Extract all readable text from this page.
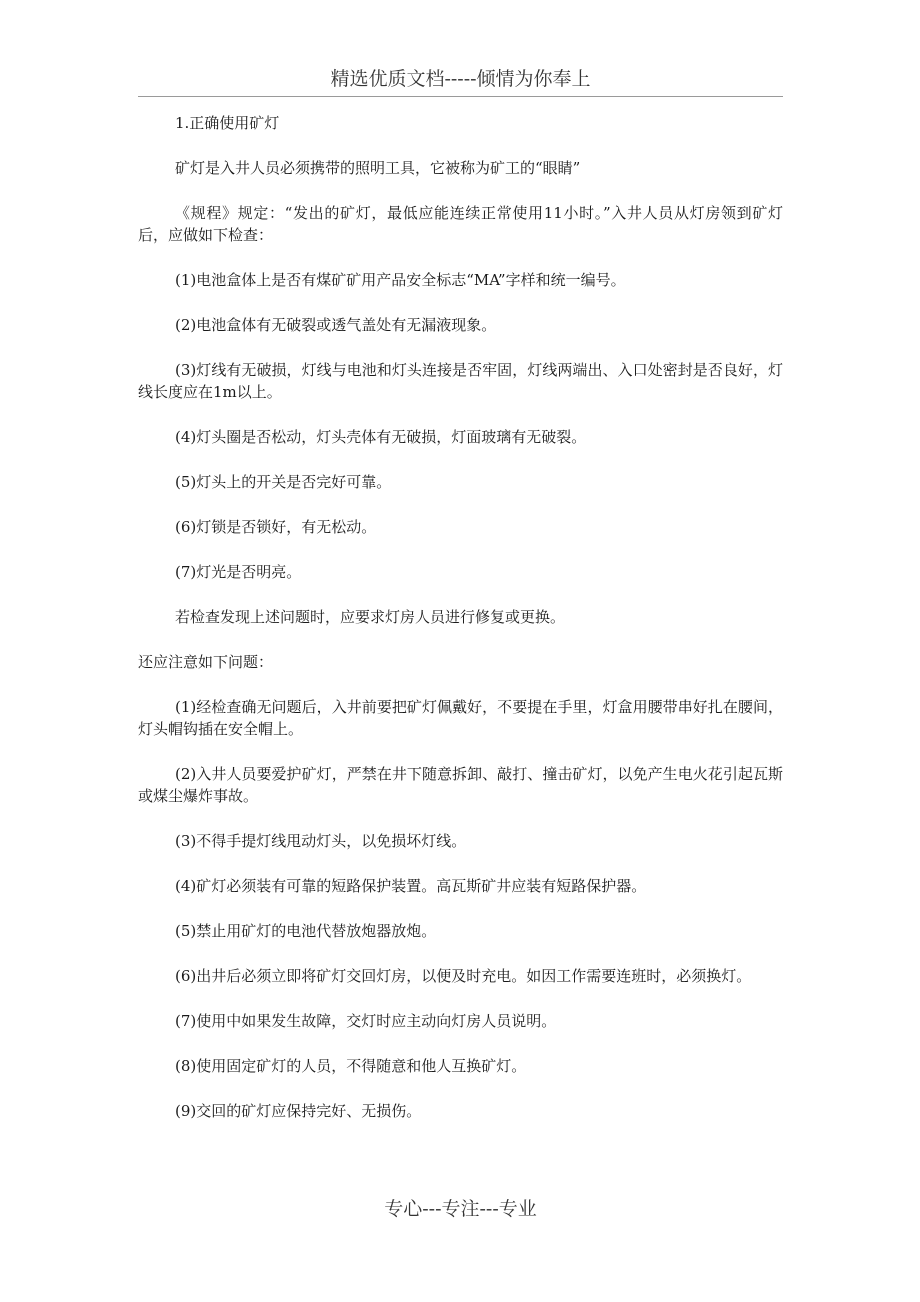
精选优质文档-----倾情为你奉上

1.正确使用矿灯

矿灯是入井人员必须携带的照明工具，它被称为矿工的“眼睛”

《规程》规定：“发出的矿灯，最低应能连续正常使用11小时。”入井人员从灯房领到矿灯后，应做如下检查：

(1)电池盒体上是否有煤矿矿用产品安全标志“MA”字样和统一编号。

(2)电池盒体有无破裂或透气盖处有无漏液现象。

(3)灯线有无破损，灯线与电池和灯头连接是否牢固，灯线两端出、入口处密封是否良好，灯线长度应在1m以上。

(4)灯头圈是否松动，灯头壳体有无破损，灯面玻璃有无破裂。

(5)灯头上的开关是否完好可靠。

(6)灯锁是否锁好，有无松动。

(7)灯光是否明亮。

若检查发现上述问题时，应要求灯房人员进行修复或更换。

还应注意如下问题：

(1)经检查确无问题后，入井前要把矿灯佩戴好，不要提在手里，灯盒用腰带串好扎在腰间，灯头帽钩插在安全帽上。

(2)入井人员要爱护矿灯，严禁在井下随意拆卸、敲打、撞击矿灯，以免产生电火花引起瓦斯或煤尘爆炸事故。

(3)不得手提灯线甩动灯头，以免损坏灯线。

(4)矿灯必须装有可靠的短路保护装置。高瓦斯矿井应装有短路保护器。

(5)禁止用矿灯的电池代替放炮器放炮。

(6)出井后必须立即将矿灯交回灯房，以便及时充电。如因工作需要连班时，必须换灯。

(7)使用中如果发生故障，交灯时应主动向灯房人员说明。

(8)使用固定矿灯的人员，不得随意和他人互换矿灯。

(9)交回的矿灯应保持完好、无损伤。

专心---专注---专业
